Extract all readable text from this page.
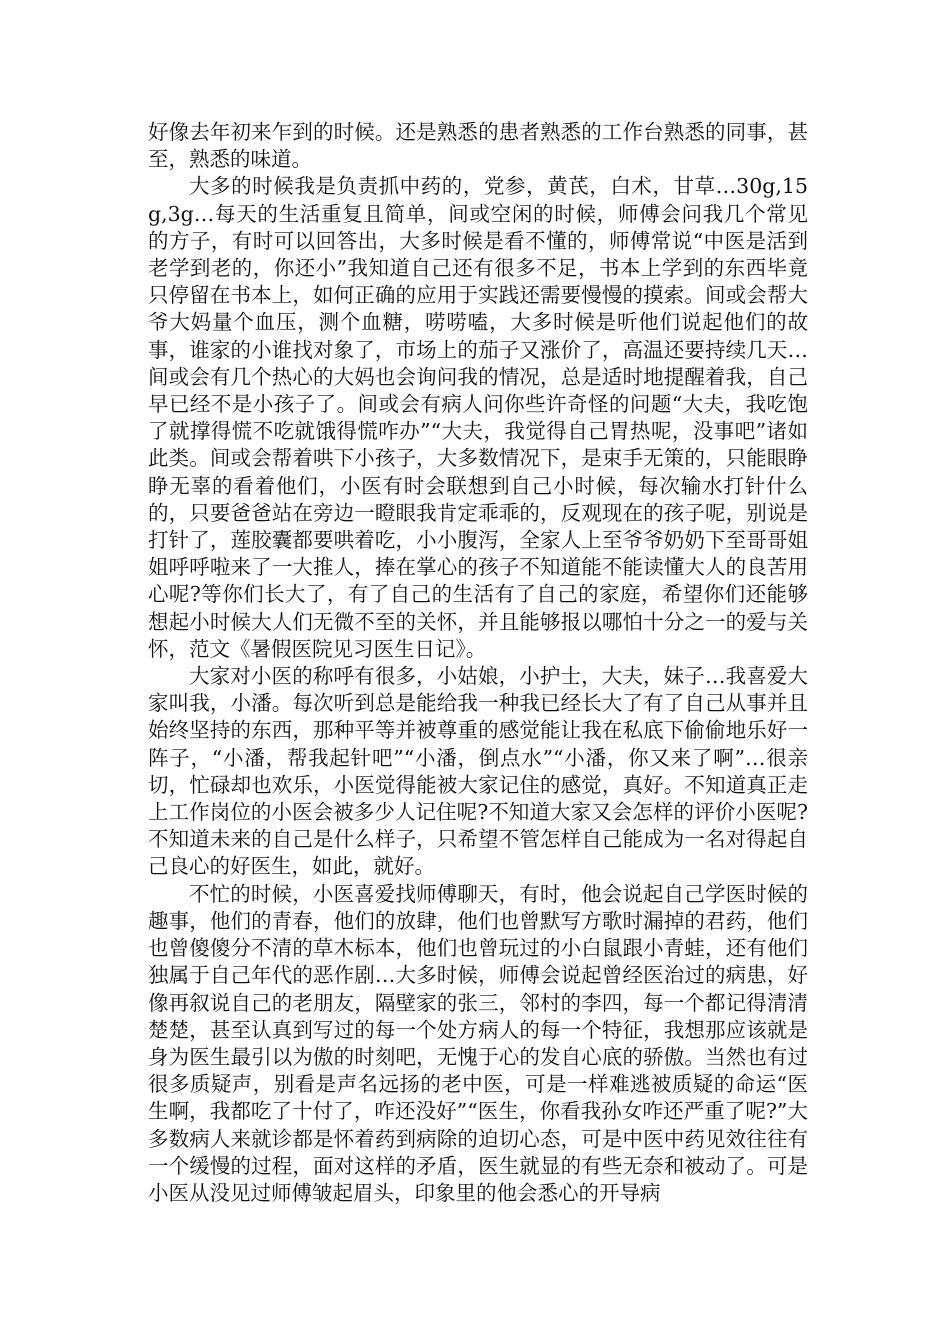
好像去年初来乍到的时候。还是熟悉的患者熟悉的工作台熟悉的同事，甚至，熟悉的味道。

大多的时候我是负责抓中药的，党参，黄芪，白术，甘草…30g,15g,3g…每天的生活重复且简单，间或空闲的时候，师傅会问我几个常见的方子，有时可以回答出，大多时候是看不懂的，师傅常说“中医是活到老学到老的，你还小”我知道自己还有很多不足，书本上学到的东西毕竟只停留在书本上，如何正确的应用于实践还需要慢慢的摸索。间或会帮大爷大妈量个血压，测个血糖，唠唠嗑，大多时候是听他们说起他们的故事，谁家的小谁找对象了，市场上的茄子又涨价了，高温还要持续几天…间或会有几个热心的大妈也会询问我的情况，总是适时地提醒着我，自己早已经不是小孩子了。间或会有病人问你些许奇怪的问题“大夫，我吃饱了就撑得慌不吃就饿得慌咋办”“大夫，我觉得自己胃热呢，没事吧”诸如此类。间或会帮着哄下小孩子，大多数情况下，是束手无策的，只能眼睁睁无辜的看着他们，小医有时会联想到自己小时候，每次输水打针什么的，只要爸爸站在旁边一瞪眼我肯定乖乖的，反观现在的孩子呢，别说是打针了，莲胶囊都要哄着吃，小小腹泻，全家人上至爷爷奶奶下至哥哥姐姐呼呼啦来了一大推人，捧在掌心的孩子不知道能不能读懂大人的良苦用心呢?等你们长大了，有了自己的生活有了自己的家庭，希望你们还能够想起小时候大人们无微不至的关怀，并且能够报以哪怕十分之一的爱与关怀，范文《暑假医院见习医生日记》。

大家对小医的称呼有很多，小姑娘，小护士，大夫，妹子…我喜爱大家叫我，小潘。每次听到总是能给我一种我已经长大了有了自己从事并且始终坚持的东西，那种平等并被尊重的感觉能让我在私底下偷偷地乐好一阵子，“小潘，帮我起针吧”“小潘，倒点水”“小潘，你又来了啊”…很亲切，忙碌却也欢乐，小医觉得能被大家记住的感觉，真好。不知道真正走上工作岗位的小医会被多少人记住呢?不知道大家又会怎样的评价小医呢?不知道未来的自己是什么样子，只希望不管怎样自己能成为一名对得起自己良心的好医生，如此，就好。

不忙的时候，小医喜爱找师傅聊天，有时，他会说起自己学医时候的趣事，他们的青春，他们的放肆，他们也曾默写方歌时漏掉的君药，他们也曾傻傻分不清的草木标本，他们也曾玩过的小白鼠跟小青蛙，还有他们独属于自己年代的恶作剧…大多时候，师傅会说起曾经医治过的病患，好像再叙说自己的老朋友，隔壁家的张三，邻村的李四，每一个都记得清清楚楚，甚至认真到写过的每一个处方病人的每一个特征，我想那应该就是身为医生最引以为傲的时刻吧，无愧于心的发自心底的骄傲。当然也有过很多质疑声，别看是声名远扬的老中医，可是一样难逃被质疑的命运“医生啊，我都吃了十付了，咋还没好”“医生，你看我孙女咋还严重了呢?”大多数病人来就诊都是怀着药到病除的迫切心态，可是中医中药见效往往有一个缓慢的过程，面对这样的矛盾，医生就显的有些无奈和被动了。可是小医从没见过师傅皱起眉头，印象里的他会悉心的开导病
